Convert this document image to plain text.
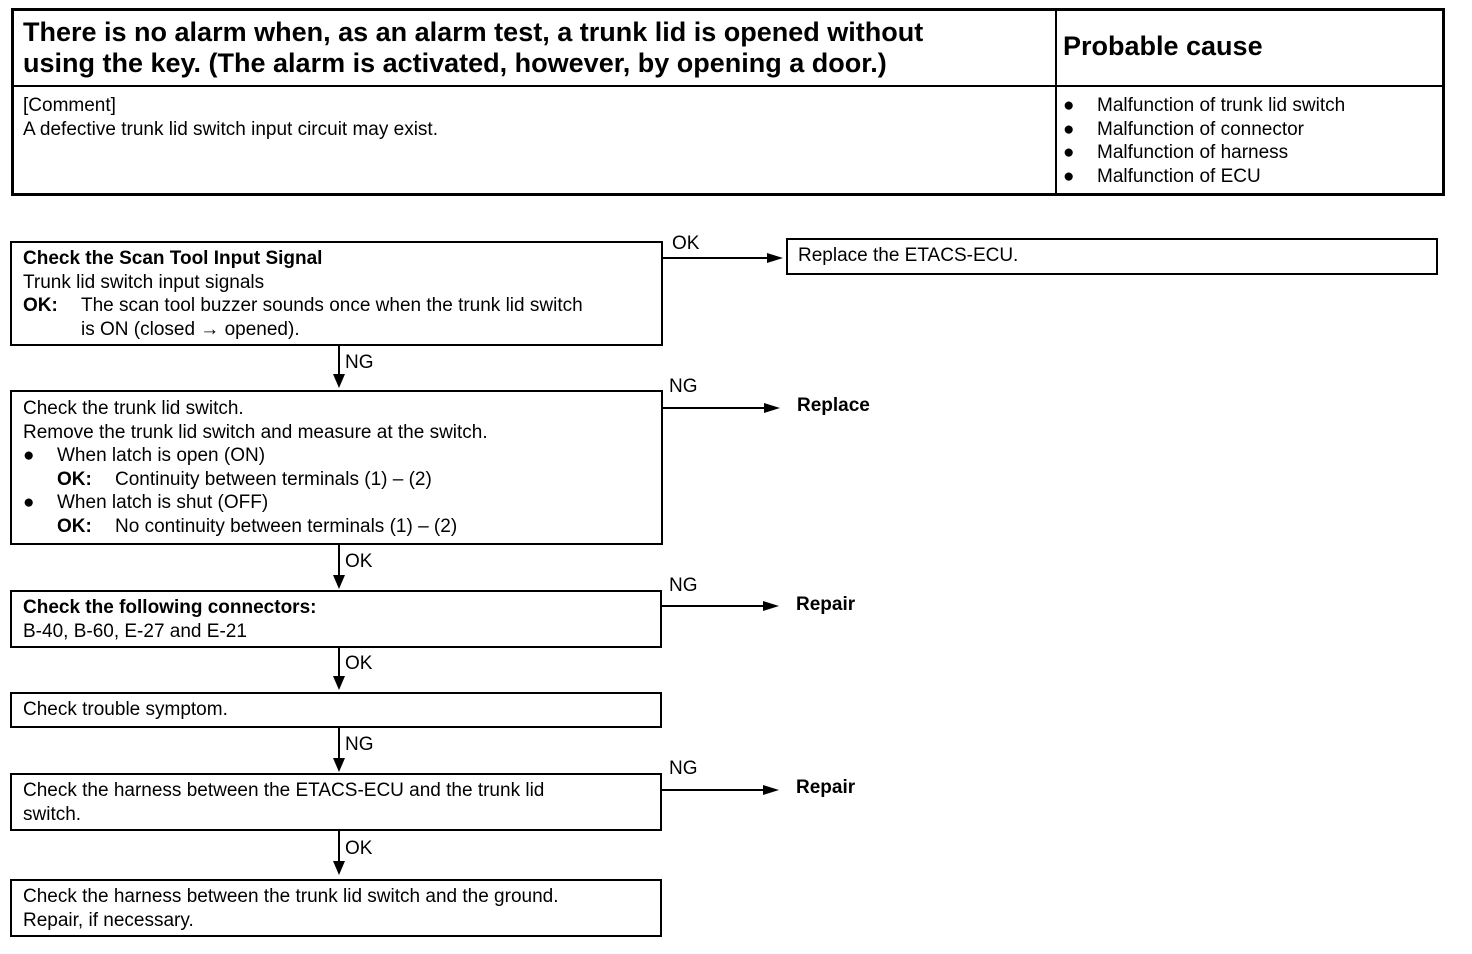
There is no alarm when, as an alarm test, a trunk lid is opened without
using the key. (The alarm is activated, however, by opening a door.)
Probable cause
[Comment]
A defective trunk lid switch input circuit may exist.
● Malfunction of trunk lid switch
● Malfunction of connector
● Malfunction of harness
● Malfunction of ECU
Check the Scan Tool Input Signal
Trunk lid switch input signals
OK: The scan tool buzzer sounds once when the trunk lid switch
is ON (closed → opened).
OK
Replace the ETACS-ECU.
NG
Check the trunk lid switch.
Remove the trunk lid switch and measure at the switch.
● When latch is open (ON)
OK: Continuity between terminals (1) – (2)
● When latch is shut (OFF)
OK: No continuity between terminals (1) – (2)
NG
Replace
OK
Check the following connectors:
B-40, B-60, E-27 and E-21
NG
Repair
OK
Check trouble symptom.
NG
Check the harness between the ETACS-ECU and the trunk lid
switch.
NG
Repair
OK
Check the harness between the trunk lid switch and the ground.
Repair, if necessary.
